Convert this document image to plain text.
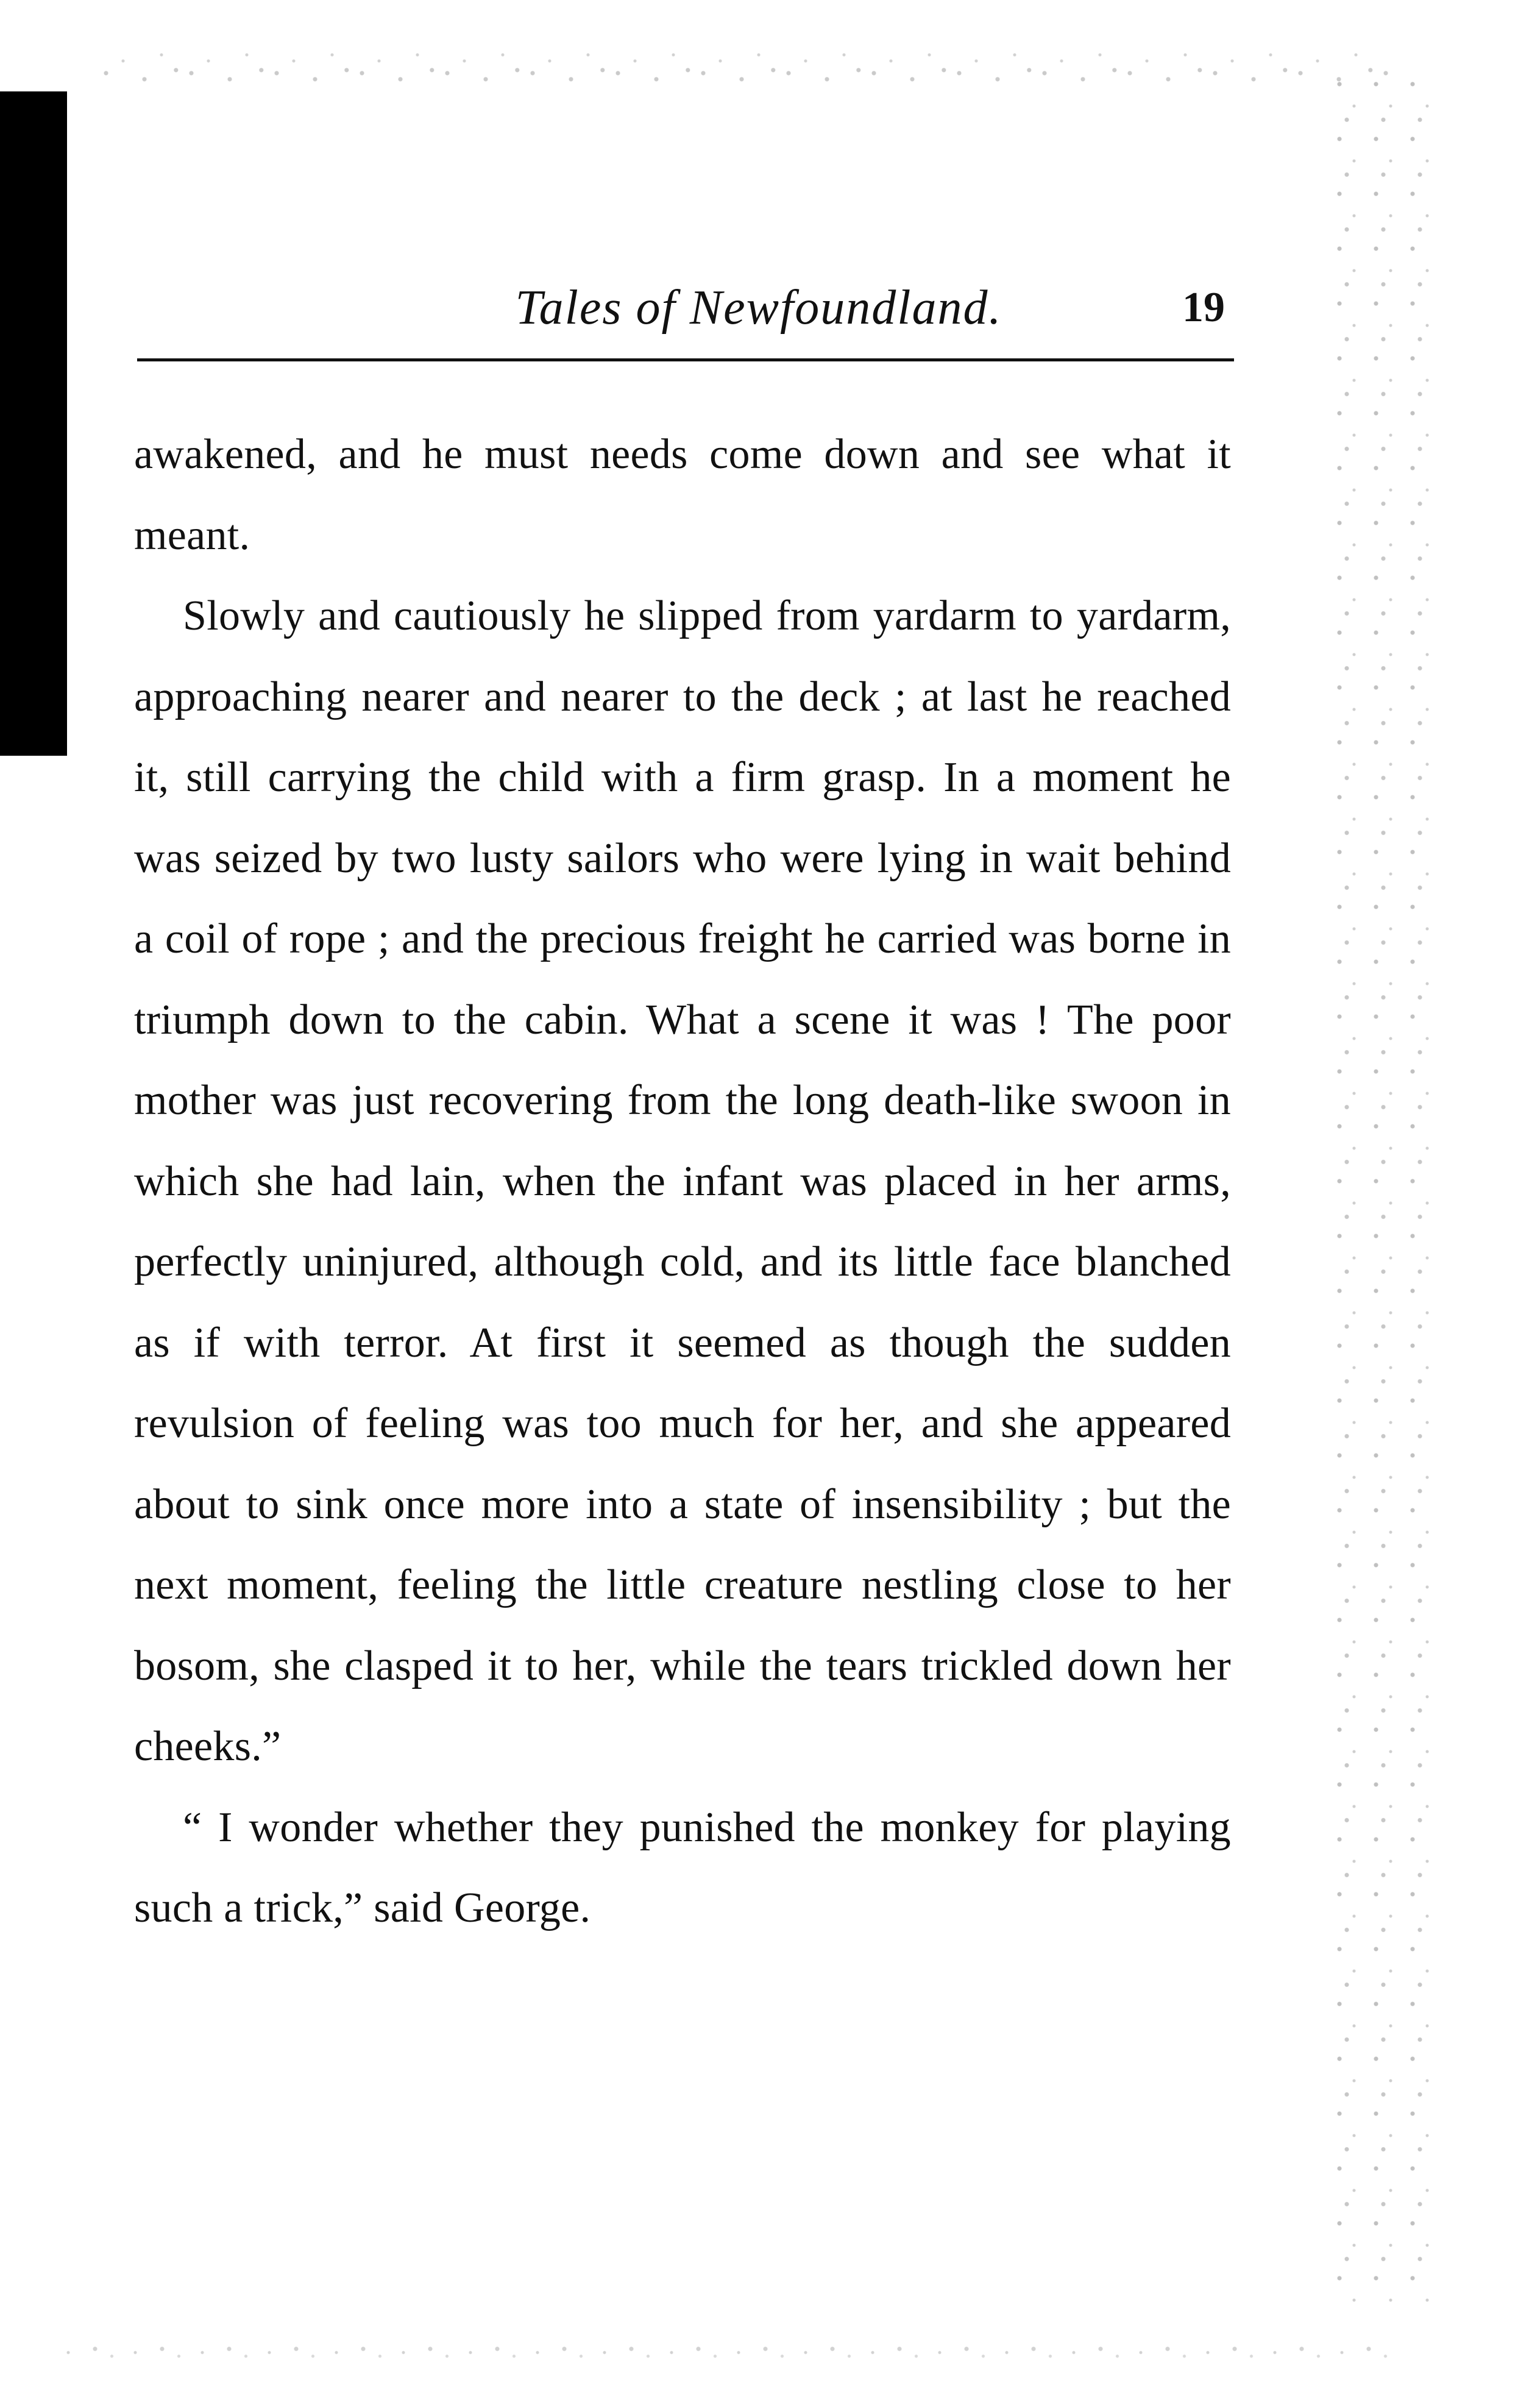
Tales of Newfoundland.	19

awakened, and he must needs come down and see what it meant.

Slowly and cautiously he slipped from yardarm to yardarm, approaching nearer and nearer to the deck ; at last he reached it, still carrying the child with a firm grasp. In a moment he was seized by two lusty sailors who were lying in wait behind a coil of rope ; and the precious freight he carried was borne in triumph down to the cabin. What a scene it was ! The poor mother was just recovering from the long death-like swoon in which she had lain, when the infant was placed in her arms, perfectly uninjured, although cold, and its little face blanched as if with terror. At first it seemed as though the sudden revulsion of feeling was too much for her, and she appeared about to sink once more into a state of insensibility ; but the next moment, feeling the little creature nestling close to her bosom, she clasped it to her, while the tears trickled down her cheeks.”

“ I wonder whether they punished the monkey for playing such a trick,” said George.
